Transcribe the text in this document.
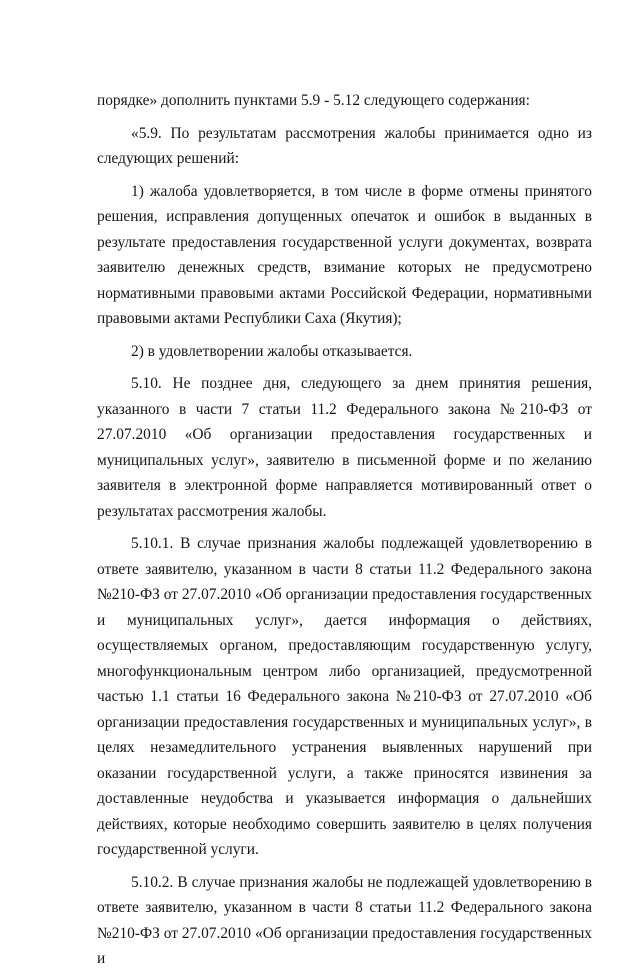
порядке» дополнить пунктами 5.9 - 5.12 следующего содержания:

«5.9. По результатам рассмотрения жалобы принимается одно из следующих решений:

1) жалоба удовлетворяется, в том числе в форме отмены принятого решения, исправления допущенных опечаток и ошибок в выданных в результате предоставления государственной услуги документах, возврата заявителю денежных средств, взимание которых не предусмотрено нормативными правовыми актами Российской Федерации, нормативными правовыми актами Республики Саха (Якутия);

2) в удовлетворении жалобы отказывается.

5.10. Не позднее дня, следующего за днем принятия решения, указанного в части 7 статьи 11.2 Федерального закона №210-ФЗ от 27.07.2010 «Об организации предоставления государственных и муниципальных услуг», заявителю в письменной форме и по желанию заявителя в электронной форме направляется мотивированный ответ о результатах рассмотрения жалобы.

5.10.1. В случае признания жалобы подлежащей удовлетворению в ответе заявителю, указанном в части 8 статьи 11.2 Федерального закона №210-ФЗ от 27.07.2010 «Об организации предоставления государственных и муниципальных услуг», дается информация о действиях, осуществляемых органом, предоставляющим государственную услугу, многофункциональным центром либо организацией, предусмотренной частью 1.1 статьи 16 Федерального закона №210-ФЗ от 27.07.2010 «Об организации предоставления государственных и муниципальных услуг», в целях незамедлительного устранения выявленных нарушений при оказании государственной услуги, а также приносятся извинения за доставленные неудобства и указывается информация о дальнейших действиях, которые необходимо совершить заявителю в целях получения государственной услуги.

5.10.2. В случае признания жалобы не подлежащей удовлетворению в ответе заявителю, указанном в части 8 статьи 11.2 Федерального закона №210-ФЗ от 27.07.2010 «Об организации предоставления государственных и
